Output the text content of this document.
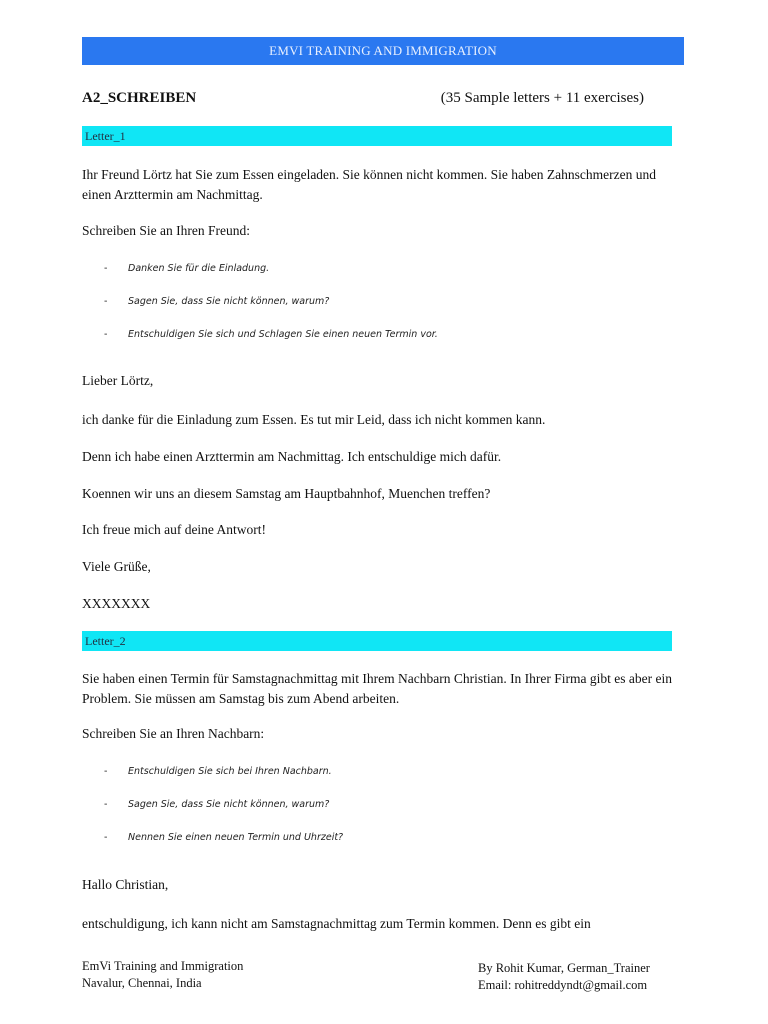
EMVI TRAINING AND IMMIGRATION
A2_SCHREIBEN	(35 Sample letters + 11 exercises)
Letter_1
Ihr Freund Lörtz hat Sie zum Essen eingeladen. Sie können nicht kommen. Sie haben Zahnschmerzen und einen Arzttermin am Nachmittag.
Schreiben Sie an Ihren Freund:
- Danken Sie für die Einladung.
- Sagen Sie, dass Sie nicht können, warum?
- Entschuldigen Sie sich und Schlagen Sie einen neuen Termin vor.
Lieber Lörtz,
ich danke für die Einladung zum Essen. Es tut mir Leid, dass ich nicht kommen kann.
Denn ich habe einen Arzttermin am Nachmittag. Ich entschuldige mich dafür.
Koennen wir uns an diesem Samstag am Hauptbahnhof, Muenchen treffen?
Ich freue mich auf deine Antwort!
Viele Grüße,
XXXXXXX
Letter_2
Sie haben einen Termin für Samstagnachmittag mit Ihrem Nachbarn Christian. In Ihrer Firma gibt es aber ein Problem. Sie müssen am Samstag bis zum Abend arbeiten.
Schreiben Sie an Ihren Nachbarn:
- Entschuldigen Sie sich bei Ihren Nachbarn.
- Sagen Sie, dass Sie nicht können, warum?
- Nennen Sie einen neuen Termin und Uhrzeit?
Hallo Christian,
entschuldigung, ich kann nicht am Samstagnachmittag zum Termin kommen. Denn es gibt ein
EmVi Training and Immigration
Navalur, Chennai, India
By Rohit Kumar, German_Trainer
Email: rohitreddyndt@gmail.com
